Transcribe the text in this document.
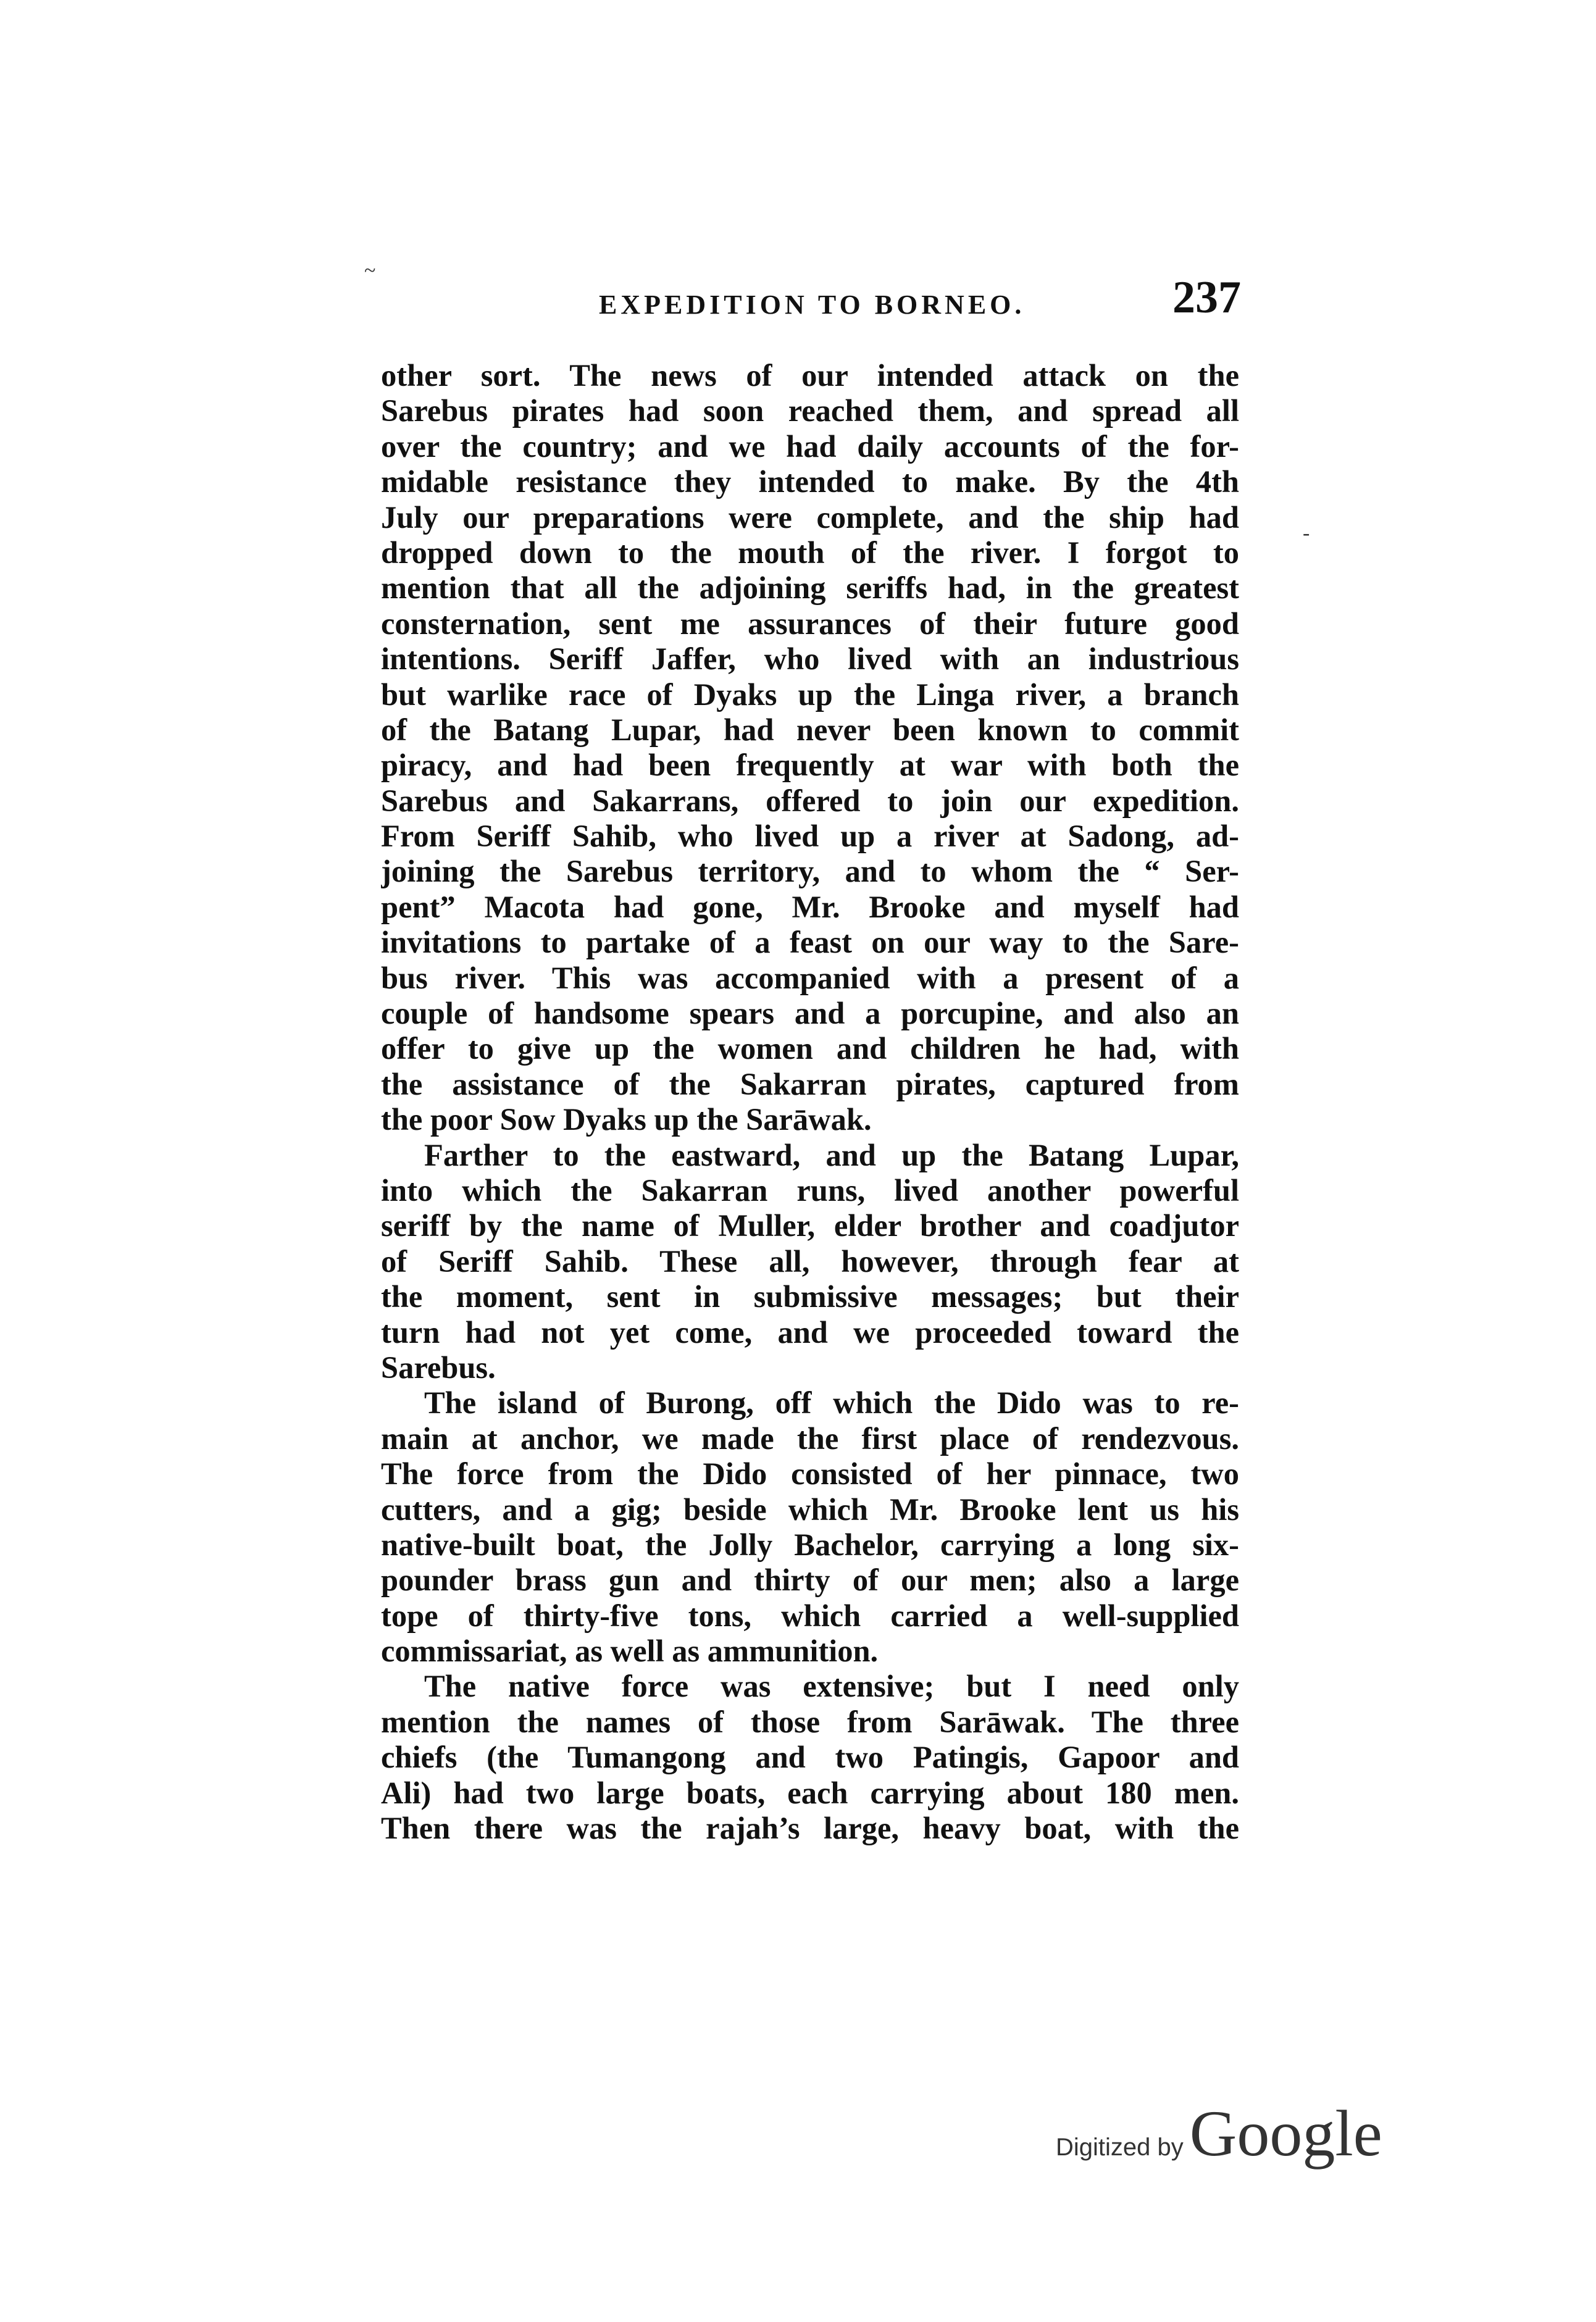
EXPEDITION TO BORNEO.	237
~
-
other sort. The news of our intended attack on the
Sarebus pirates had soon reached them, and spread all
over the country; and we had daily accounts of the for-
midable resistance they intended to make. By the 4th
July our preparations were complete, and the ship had
dropped down to the mouth of the river. I forgot to
mention that all the adjoining seriffs had, in the greatest
consternation, sent me assurances of their future good
intentions. Seriff Jaffer, who lived with an industrious
but warlike race of Dyaks up the Linga river, a branch
of the Batang Lupar, had never been known to commit
piracy, and had been frequently at war with both the
Sarebus and Sakarrans, offered to join our expedition.
From Seriff Sahib, who lived up a river at Sadong, ad-
joining the Sarebus territory, and to whom the “ Ser-
pent” Macota had gone, Mr. Brooke and myself had
invitations to partake of a feast on our way to the Sare-
bus river. This was accompanied with a present of a
couple of handsome spears and a porcupine, and also an
offer to give up the women and children he had, with
the assistance of the Sakarran pirates, captured from
the poor Sow Dyaks up the Sarāwak.
Farther to the eastward, and up the Batang Lupar,
into which the Sakarran runs, lived another powerful
seriff by the name of Muller, elder brother and coadjutor
of Seriff Sahib. These all, however, through fear at
the moment, sent in submissive messages; but their
turn had not yet come, and we proceeded toward the
Sarebus.
The island of Burong, off which the Dido was to re-
main at anchor, we made the first place of rendezvous.
The force from the Dido consisted of her pinnace, two
cutters, and a gig; beside which Mr. Brooke lent us his
native-built boat, the Jolly Bachelor, carrying a long six-
pounder brass gun and thirty of our men; also a large
tope of thirty-five tons, which carried a well-supplied
commissariat, as well as ammunition.
The native force was extensive; but I need only
mention the names of those from Sarāwak. The three
chiefs (the Tumangong and two Patingis, Gapoor and
Ali) had two large boats, each carrying about 180 men.
Then there was the rajah’s large, heavy boat, with the
Digitized by Google
